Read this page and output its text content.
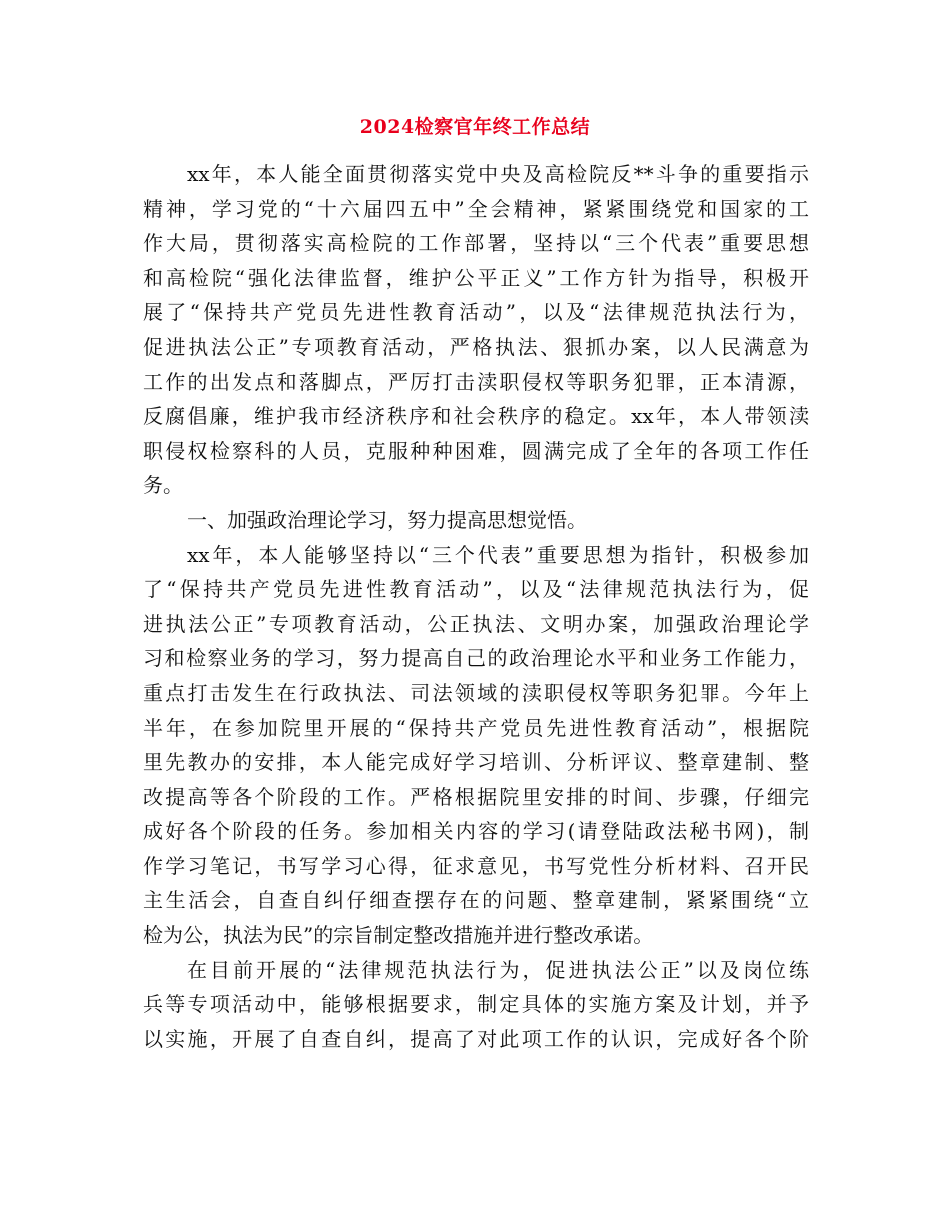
2024检察官年终工作总结
xx年，本人能全面贯彻落实党中央及高检院反**斗争的重要指示
精神，学习党的“十六届四五中”全会精神，紧紧围绕党和国家的工
作大局，贯彻落实高检院的工作部署，坚持以“三个代表”重要思想
和高检院“强化法律监督，维护公平正义”工作方针为指导，积极开
展了“保持共产党员先进性教育活动”，以及“法律规范执法行为，
促进执法公正”专项教育活动，严格执法、狠抓办案，以人民满意为
工作的出发点和落脚点，严厉打击渎职侵权等职务犯罪，正本清源，
反腐倡廉，维护我市经济秩序和社会秩序的稳定。xx年，本人带领渎
职侵权检察科的人员，克服种种困难，圆满完成了全年的各项工作任
务。
一、加强政治理论学习，努力提高思想觉悟。
xx年，本人能够坚持以“三个代表”重要思想为指针，积极参加
了“保持共产党员先进性教育活动”，以及“法律规范执法行为，促
进执法公正”专项教育活动，公正执法、文明办案，加强政治理论学
习和检察业务的学习，努力提高自己的政治理论水平和业务工作能力，
重点打击发生在行政执法、司法领域的渎职侵权等职务犯罪。今年上
半年，在参加院里开展的“保持共产党员先进性教育活动”，根据院
里先教办的安排，本人能完成好学习培训、分析评议、整章建制、整
改提高等各个阶段的工作。严格根据院里安排的时间、步骤，仔细完
成好各个阶段的任务。参加相关内容的学习(请登陆政法秘书网)，制
作学习笔记，书写学习心得，征求意见，书写党性分析材料、召开民
主生活会，自查自纠仔细查摆存在的问题、整章建制，紧紧围绕“立
检为公，执法为民”的宗旨制定整改措施并进行整改承诺。
在目前开展的“法律规范执法行为，促进执法公正”以及岗位练
兵等专项活动中，能够根据要求，制定具体的实施方案及计划，并予
以实施，开展了自查自纠，提高了对此项工作的认识，完成好各个阶
